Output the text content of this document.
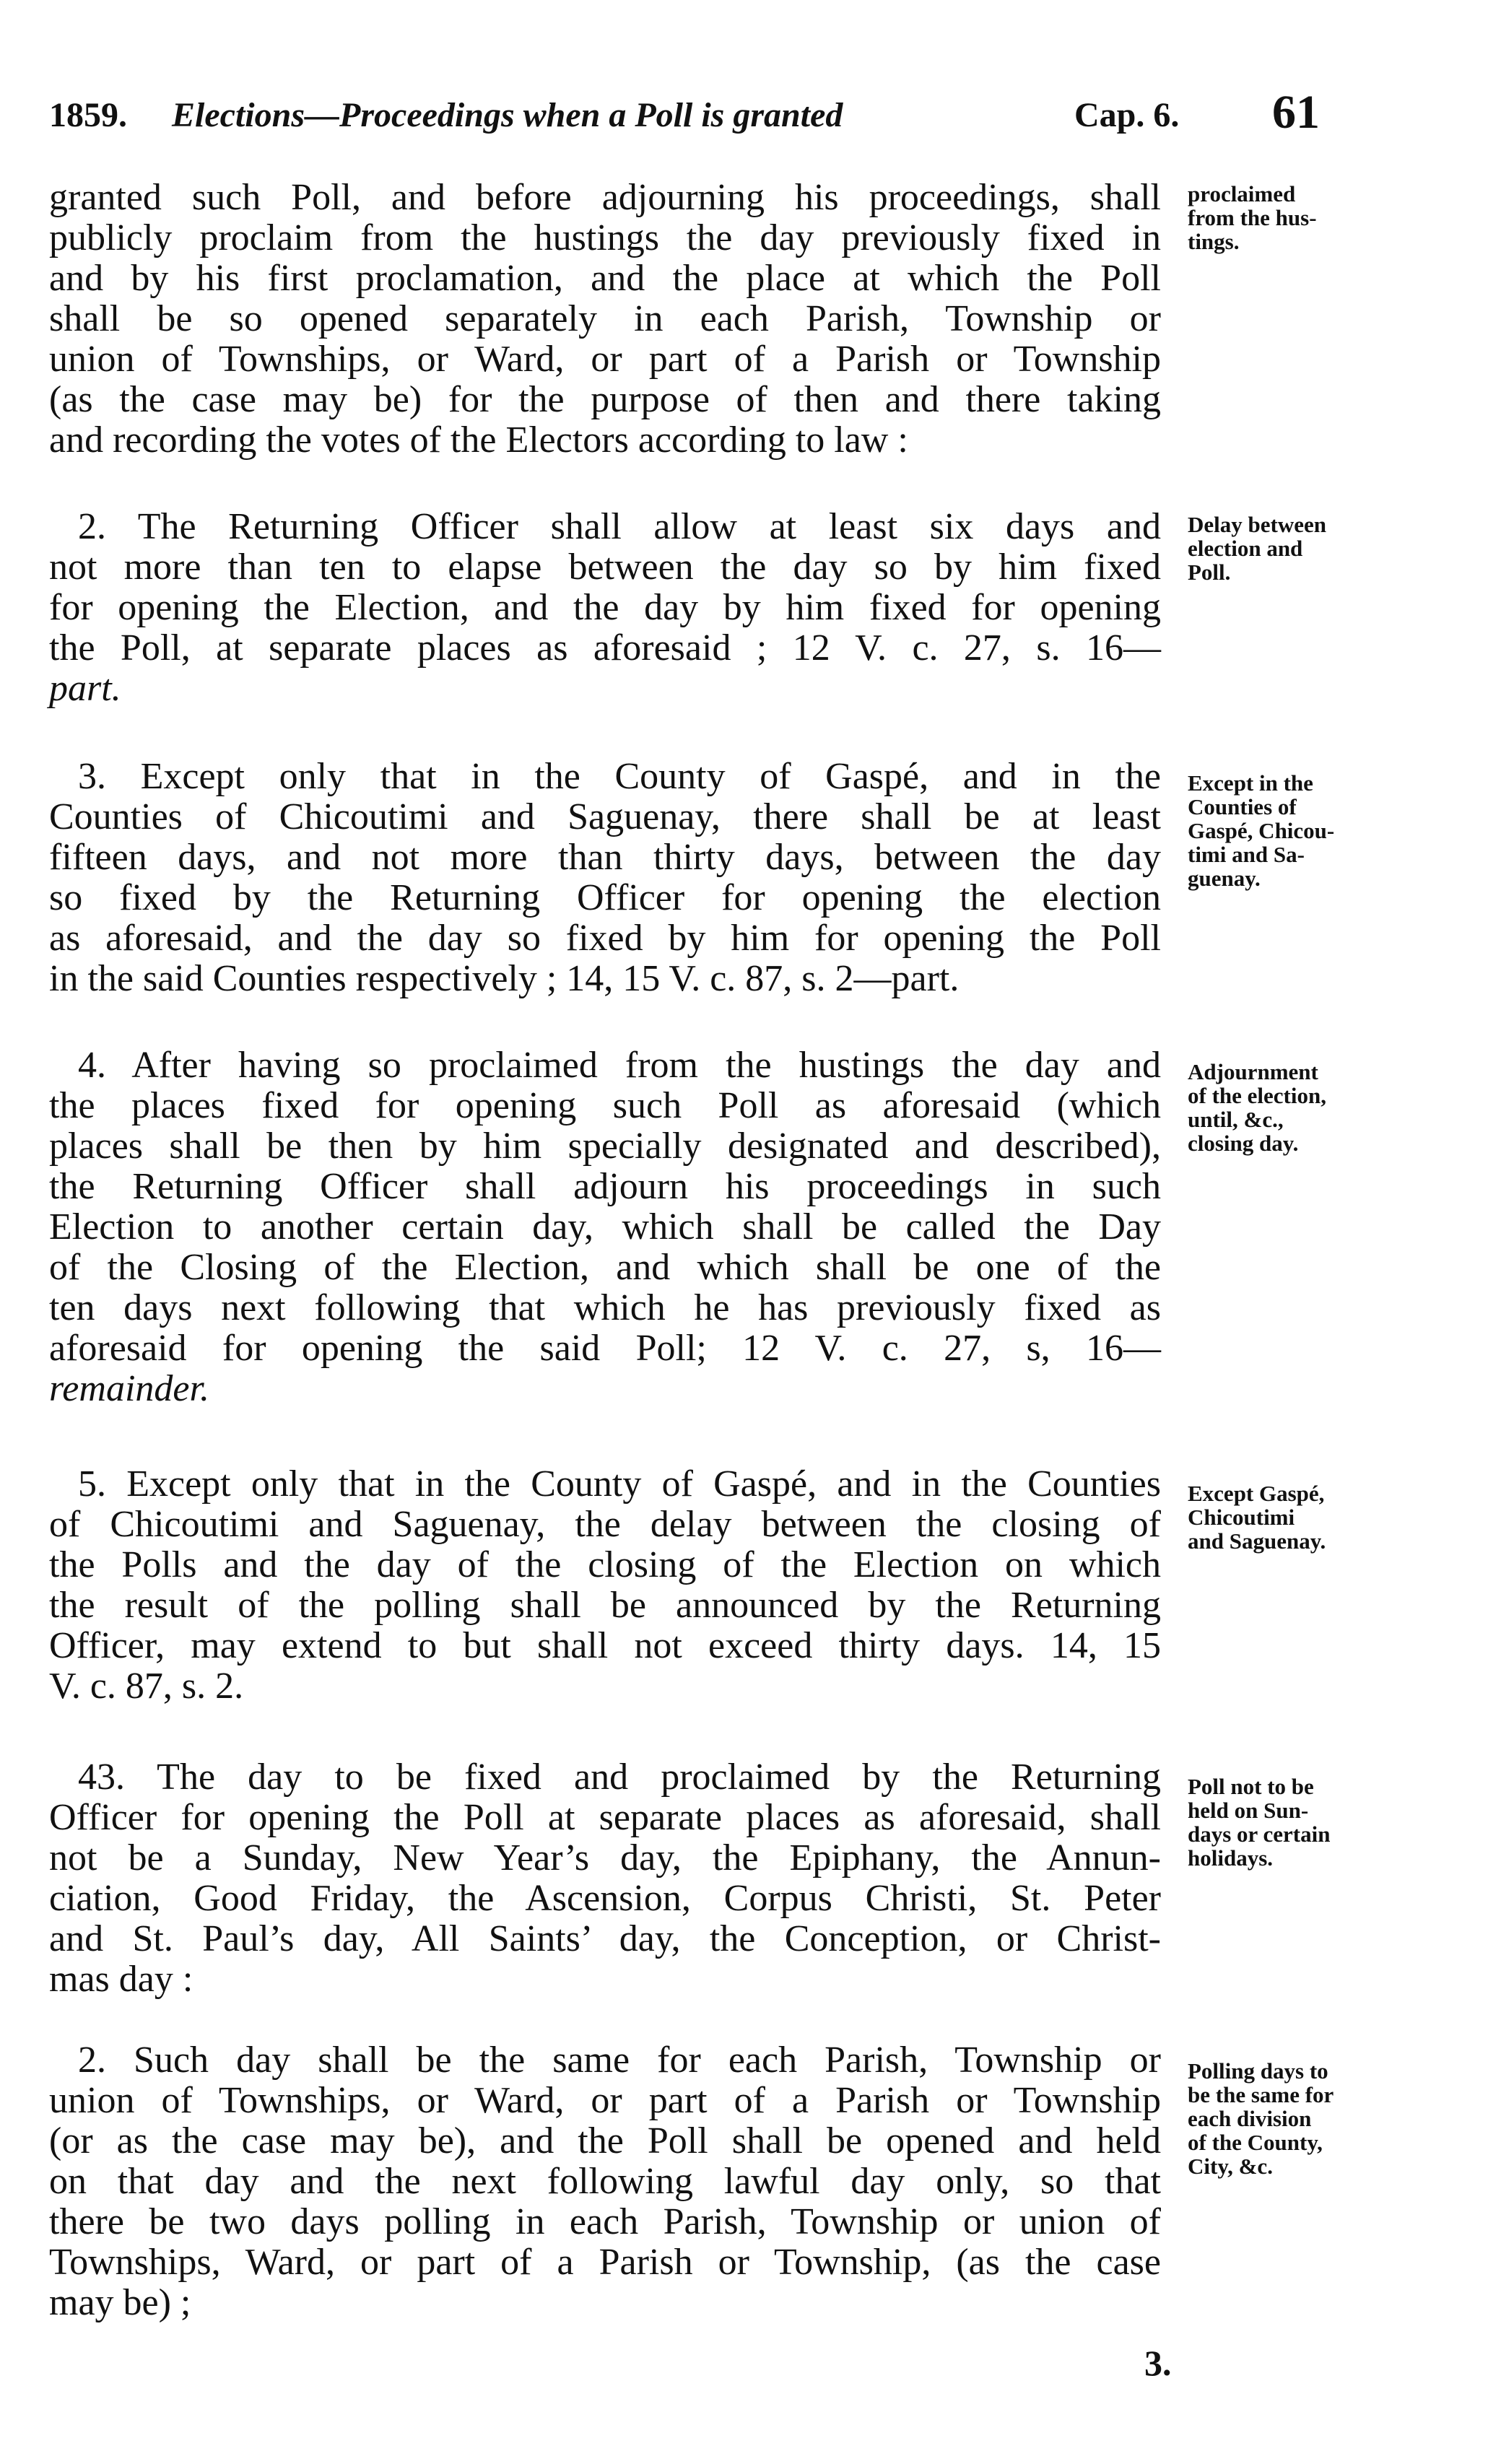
1859. Elections—Proceedings when a Poll is granted	Cap. 6. 61
granted such Poll, and before adjourning his proceedings, shall
publicly proclaim from the hustings the day previously fixed in
and by his first proclamation, and the place at which the Poll
shall be so opened separately in each Parish, Township or
union of Townships, or Ward, or part of a Parish or Township
(as the case may be) for the purpose of then and there taking
and recording the votes of the Electors according to law :
proclaimed
from the hus-
tings.
2. The Returning Officer shall allow at least six days and
not more than ten to elapse between the day so by him fixed
for opening the Election, and the day by him fixed for opening
the Poll, at separate places as aforesaid ; 12 V. c. 27, s. 16—
part.
Delay between
election and
Poll.
3. Except only that in the County of Gaspé, and in the
Counties of Chicoutimi and Saguenay, there shall be at least
fifteen days, and not more than thirty days, between the day
so fixed by the Returning Officer for opening the election
as aforesaid, and the day so fixed by him for opening the Poll
in the said Counties respectively ; 14, 15 V. c. 87, s. 2—part.
Except in the
Counties of
Gaspé, Chicou-
timi and Sa-
guenay.
4. After having so proclaimed from the hustings the day and
the places fixed for opening such Poll as aforesaid (which
places shall be then by him specially designated and described),
the Returning Officer shall adjourn his proceedings in such
Election to another certain day, which shall be called the Day
of the Closing of the Election, and which shall be one of the
ten days next following that which he has previously fixed as
aforesaid for opening the said Poll; 12 V. c. 27, s, 16—
remainder.
Adjournment
of the election,
until, &c.,
closing day.
5. Except only that in the County of Gaspé, and in the Counties
of Chicoutimi and Saguenay, the delay between the closing of
the Polls and the day of the closing of the Election on which
the result of the polling shall be announced by the Returning
Officer, may extend to but shall not exceed thirty days. 14, 15
V. c. 87, s. 2.
Except Gaspé,
Chicoutimi
and Saguenay.
43. The day to be fixed and proclaimed by the Returning
Officer for opening the Poll at separate places as aforesaid, shall
not be a Sunday, New Year’s day, the Epiphany, the Annun-
ciation, Good Friday, the Ascension, Corpus Christi, St. Peter
and St. Paul’s day, All Saints’ day, the Conception, or Christ-
mas day :
Poll not to be
held on Sun-
days or certain
holidays.
2. Such day shall be the same for each Parish, Township or
union of Townships, or Ward, or part of a Parish or Township
(or as the case may be), and the Poll shall be opened and held
on that day and the next following lawful day only, so that
there be two days polling in each Parish, Township or union of
Townships, Ward, or part of a Parish or Township, (as the case
may be) ;
Polling days to
be the same for
each division
of the County,
City, &c.
3.
